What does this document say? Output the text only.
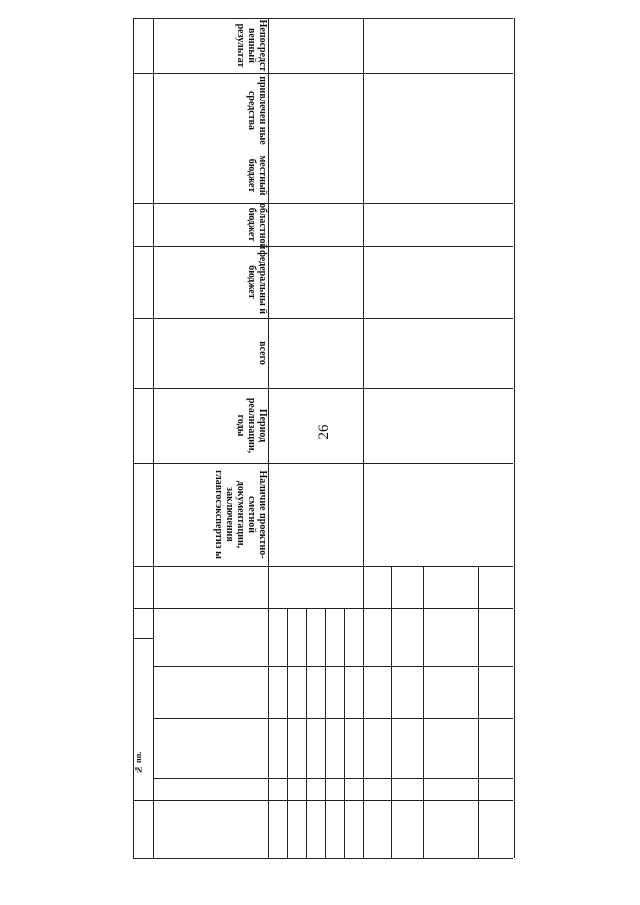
26
Непосредст венный результат
привлечен ные средства
местный бюджет
областной бюджет
федеральны й бюджет
всего
Период реализации, годы
Наличие проектно-сметной документации, заключения главгосэкспертиз ы
№ пп.
